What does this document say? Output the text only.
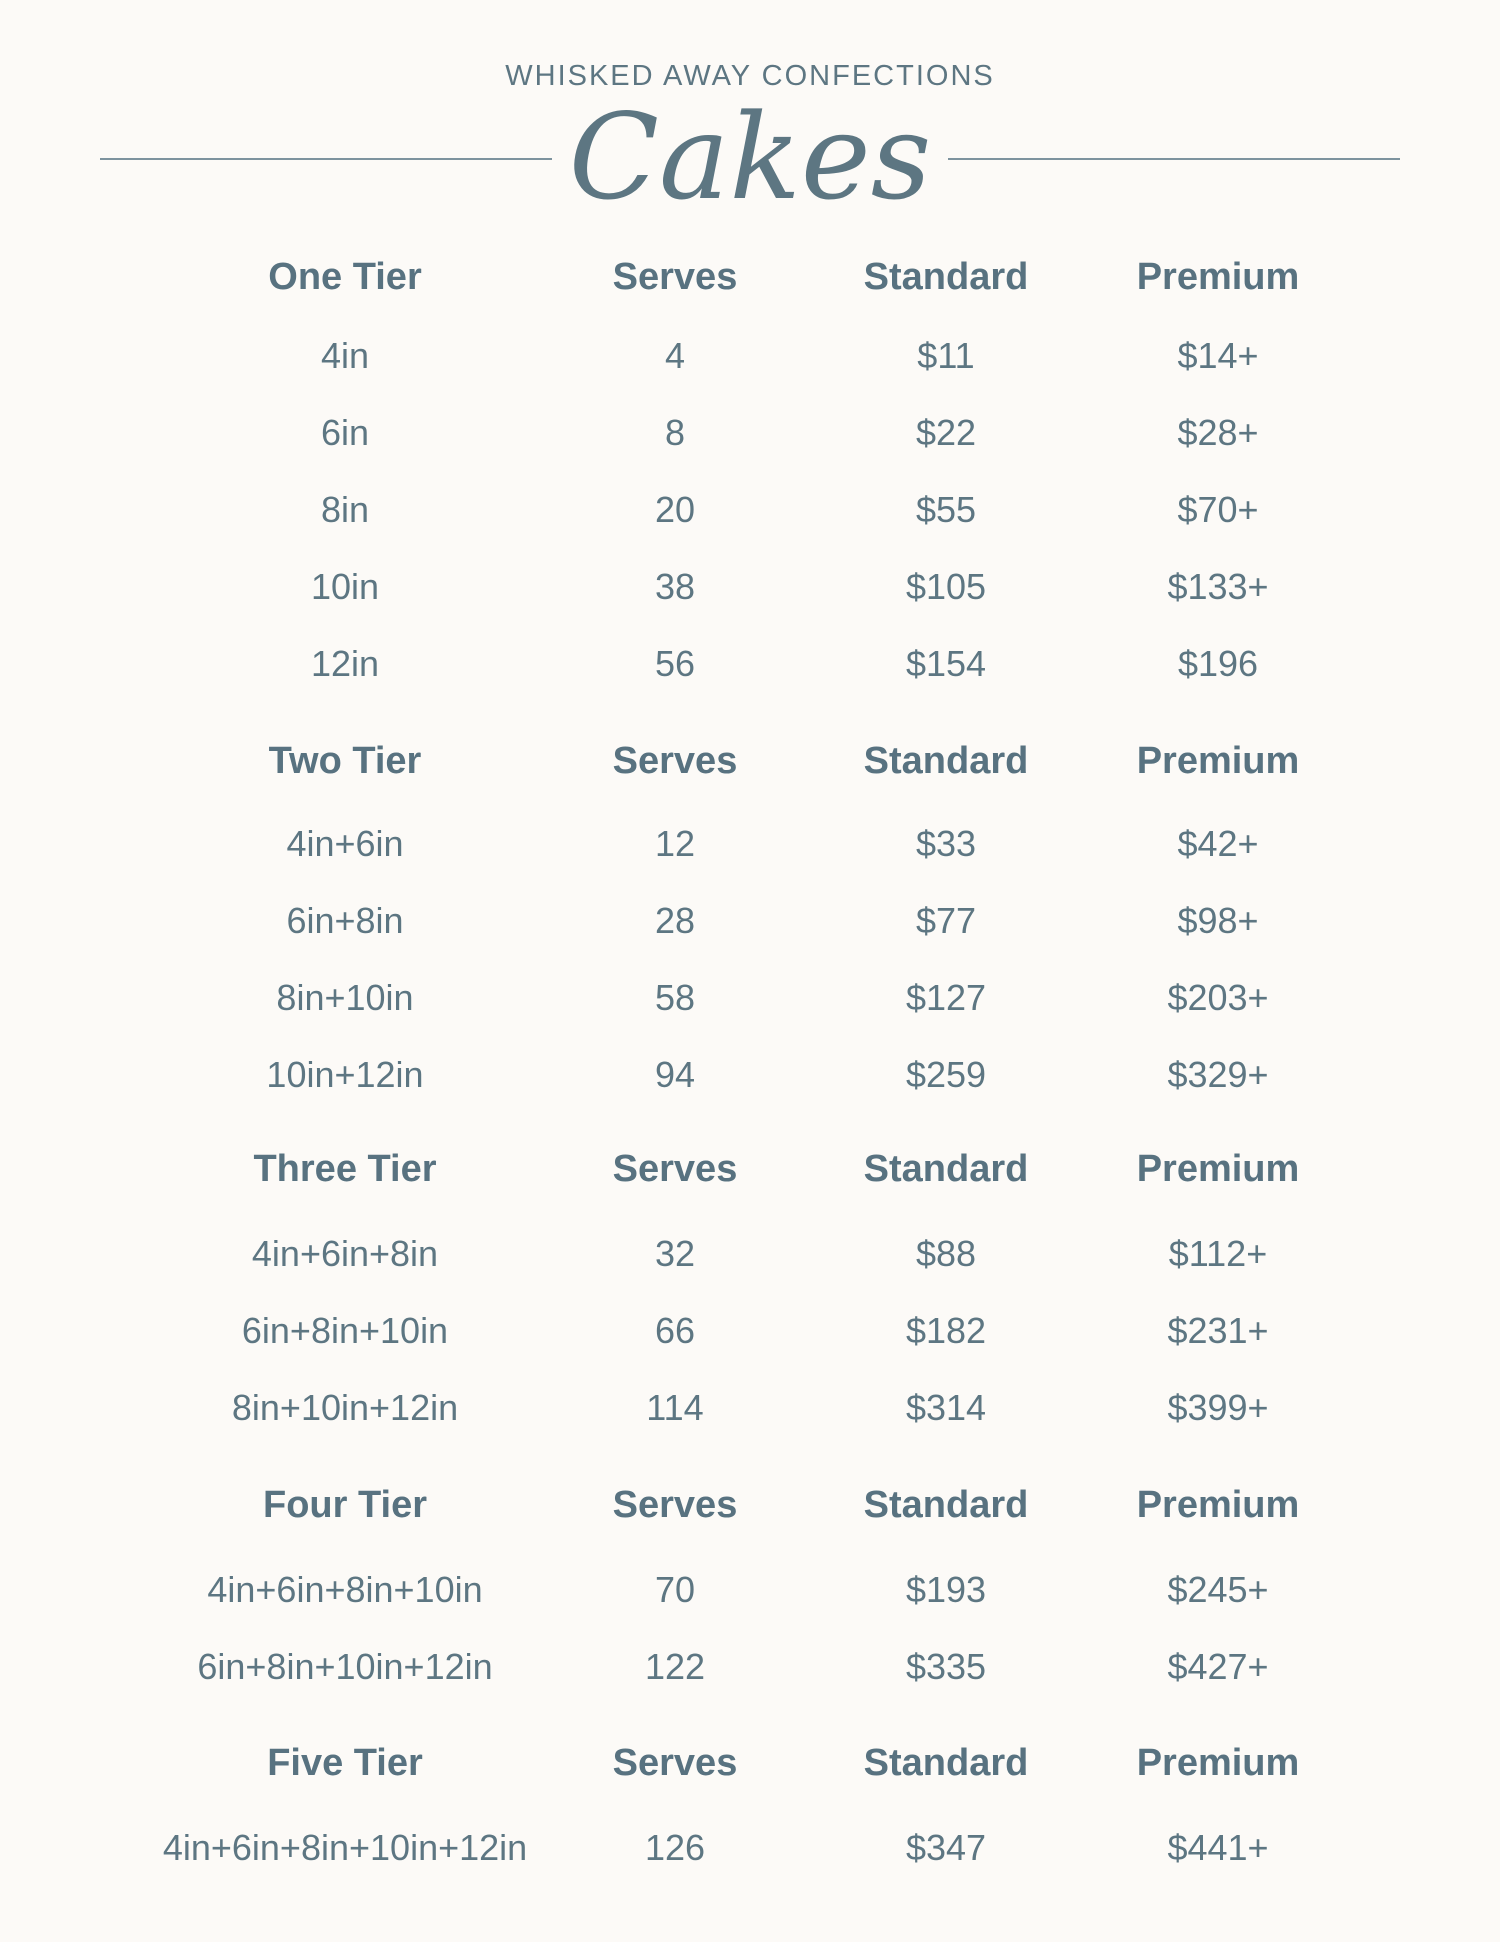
WHISKED AWAY CONFECTIONS
Cakes
One Tier	Serves	Standard	Premium
4in	4	$11	$14+
6in	8	$22	$28+
8in	20	$55	$70+
10in	38	$105	$133+
12in	56	$154	$196
Two Tier	Serves	Standard	Premium
4in+6in	12	$33	$42+
6in+8in	28	$77	$98+
8in+10in	58	$127	$203+
10in+12in	94	$259	$329+
Three Tier	Serves	Standard	Premium
4in+6in+8in	32	$88	$112+
6in+8in+10in	66	$182	$231+
8in+10in+12in	114	$314	$399+
Four Tier	Serves	Standard	Premium
4in+6in+8in+10in	70	$193	$245+
6in+8in+10in+12in	122	$335	$427+
Five Tier	Serves	Standard	Premium
4in+6in+8in+10in+12in	126	$347	$441+
